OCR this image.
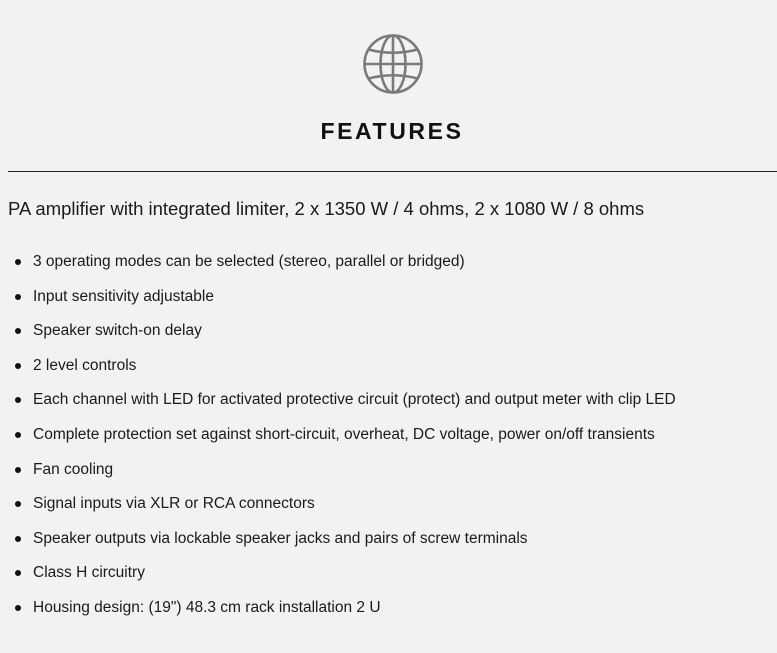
FEATURES
PA amplifier with integrated limiter, 2 x 1350 W / 4 ohms, 2 x 1080 W / 8 ohms
3 operating modes can be selected (stereo, parallel or bridged)
Input sensitivity adjustable
Speaker switch-on delay
2 level controls
Each channel with LED for activated protective circuit (protect) and output meter with clip LED
Complete protection set against short-circuit, overheat, DC voltage, power on/off transients
Fan cooling
Signal inputs via XLR or RCA connectors
Speaker outputs via lockable speaker jacks and pairs of screw terminals
Class H circuitry
Housing design: (19") 48.3 cm rack installation 2 U
